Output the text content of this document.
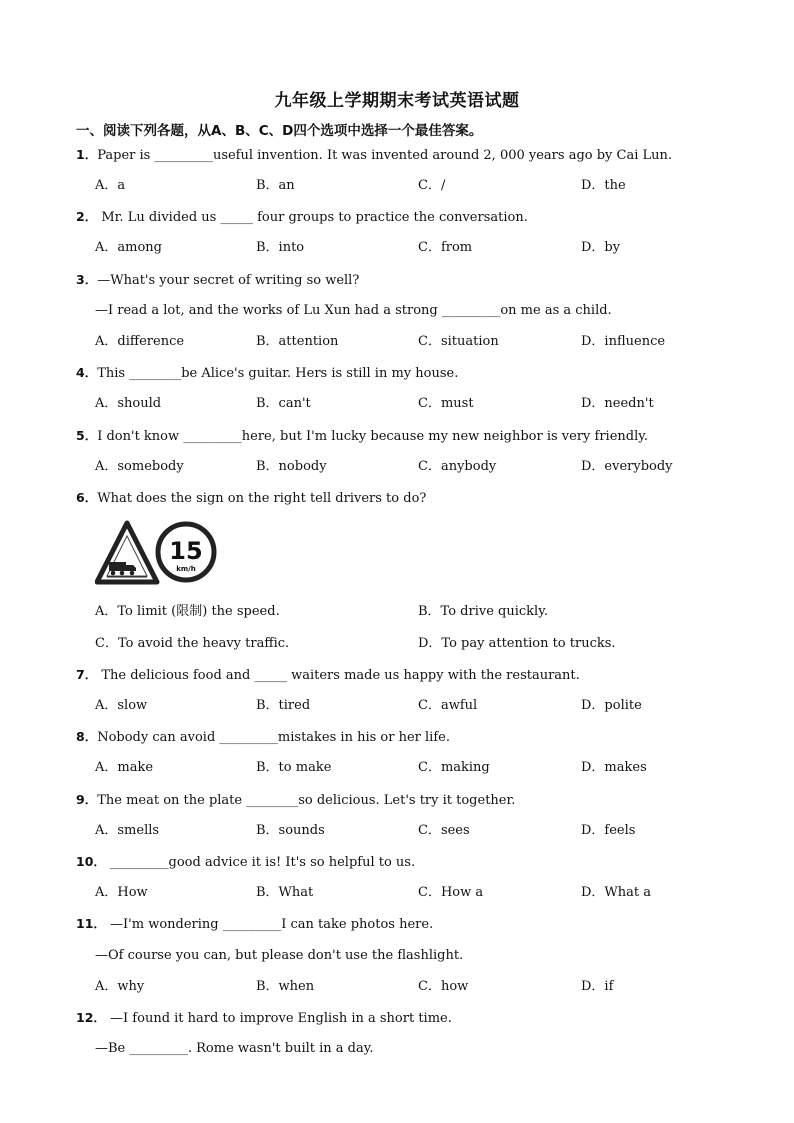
九年级上学期期末考试英语试题
一、阅读下列各题，从A、B、C、D四个选项中选择一个最佳答案。
1．Paper is _________useful invention. It was invented around 2, 000 years ago by Cai Lun.
A．a	B．an	C．/	D．the
2． Mr. Lu divided us _____ four groups to practice the conversation.
A．among	B．into	C．from	D．by
3．—What's your secret of writing so well?
—I read a lot, and the works of Lu Xun had a strong _________on me as a child.
A．difference	B．attention	C．situation	D．influence
4．This ________be Alice's guitar. Hers is still in my house.
A．should	B．can't	C．must	D．needn't
5．I don't know _________here, but I'm lucky because my new neighbor is very friendly.
A．somebody	B．nobody	C．anybody	D．everybody
6．What does the sign on the right tell drivers to do?
15
km/h
A．To limit (限制) the speed.	B．To drive quickly.
C．To avoid the heavy traffic.	D．To pay attention to trucks.
7． The delicious food and _____ waiters made us happy with the restaurant.
A．slow	B．tired	C．awful	D．polite
8．Nobody can avoid _________mistakes in his or her life.
A．make	B．to make	C．making	D．makes
9．The meat on the plate ________so delicious. Let's try it together.
A．smells	B．sounds	C．sees	D．feels
10． _________good advice it is! It's so helpful to us.
A．How	B．What	C．How a	D．What a
11． —I'm wondering _________I can take photos here.
—Of course you can, but please don't use the flashlight.
A．why	B．when	C．how	D．if
12． —I found it hard to improve English in a short time.
—Be _________. Rome wasn't built in a day.
